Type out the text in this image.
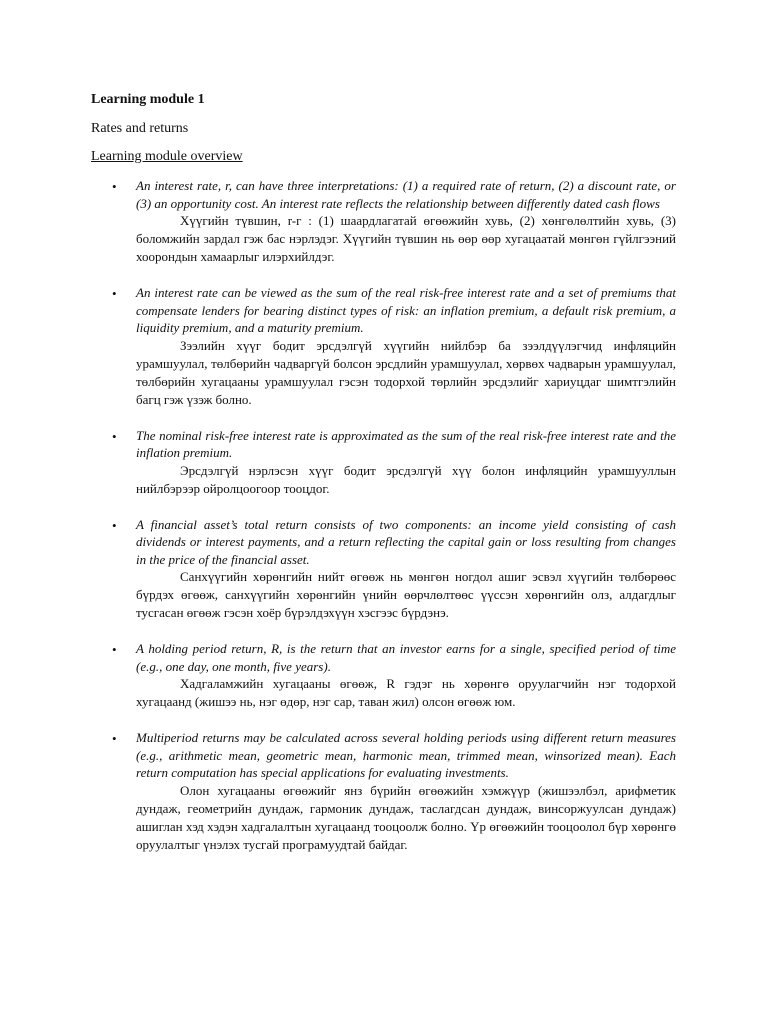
Learning module 1

Rates and returns

Learning module overview

• An interest rate, r, can have three interpretations: (1) a required rate of return, (2) a discount rate, or (3) an opportunity cost. An interest rate reflects the relationship between differently dated cash flows

Хүүгийн түвшин, r-г : (1) шаардлагатай өгөөжийн хувь, (2) хөнгөлөлтийн хувь, (3) боломжийн зардал гэж бас нэрлэдэг. Хүүгийн түвшин нь өөр өөр хугацаатай мөнгөн гүйлгээний хоорондын хамаарлыг илэрхийлдэг.

• An interest rate can be viewed as the sum of the real risk-free interest rate and a set of premiums that compensate lenders for bearing distinct types of risk: an inflation premium, a default risk premium, a liquidity premium, and a maturity premium.

Зээлийн хүүг бодит эрсдэлгүй хүүгийн нийлбэр ба зээлдүүлэгчид инфляцийн урамшуулал, төлбөрийн чадваргүй болсон эрсдлийн урамшуулал, хөрвөх чадварын урамшуулал, төлбөрийн хугацааны урамшуулал гэсэн тодорхой төрлийн эрсдэлийг хариуцдаг шимтгэлийн багц гэж үзэж болно.

• The nominal risk-free interest rate is approximated as the sum of the real risk-free interest rate and the inflation premium.

Эрсдэлгүй нэрлэсэн хүүг бодит эрсдэлгүй хүү болон инфляцийн урамшууллын нийлбэрээр ойролцоогоор тооцдог.

• A financial asset’s total return consists of two components: an income yield consisting of cash dividends or interest payments, and a return reflecting the capital gain or loss resulting from changes in the price of the financial asset.

Санхүүгийн хөрөнгийн нийт өгөөж нь мөнгөн ногдол ашиг эсвэл хүүгийн төлбөрөөс бүрдэх өгөөж, санхүүгийн хөрөнгийн үнийн өөрчлөлтөөс үүссэн хөрөнгийн олз, алдагдлыг тусгасан өгөөж гэсэн хоёр бүрэлдэхүүн хэсгээс бүрдэнэ.

• A holding period return, R, is the return that an investor earns for a single, specified period of time (e.g., one day, one month, five years).

Хадгаламжийн хугацааны өгөөж, R гэдэг нь хөрөнгө оруулагчийн нэг тодорхой хугацаанд (жишээ нь, нэг өдөр, нэг сар, таван жил) олсон өгөөж юм.

• Multiperiod returns may be calculated across several holding periods using different return measures (e.g., arithmetic mean, geometric mean, harmonic mean, trimmed mean, winsorized mean). Each return computation has special applications for evaluating investments.

Олон хугацааны өгөөжийг янз бүрийн өгөөжийн хэмжүүр (жишээлбэл, арифметик дундаж, геометрийн дундаж, гармоник дундаж, таслагдсан дундаж, винсоржуулсан дундаж) ашиглан хэд хэдэн хадгалалтын хугацаанд тооцоолж болно. Үр өгөөжийн тооцоолол бүр хөрөнгө оруулалтыг үнэлэх тусгай програмуудтай байдаг.
